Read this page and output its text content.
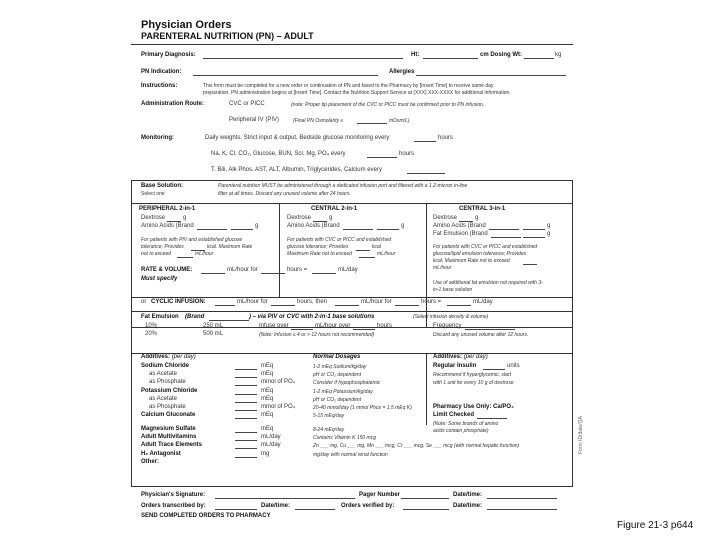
Physician Orders
PARENTERAL NUTRITION (PN) – ADULT
Primary Diagnosis:	Ht:	cm Dosing Wt:	kg
PN Indication:	Allergies
Instructions:	This form must be completed for a new order or continuation of PN and faxed to the Pharmacy by [Insert Time] to receive same day
preparation. PN administration begins at [Insert Time]. Contact the Nutrition Support Service at (XXX) XXX-XXXX for additional information.
Administration Route:	CVC or PICC	(note: Proper tip placement of the CVC or PICC must be confirmed prior to PN infusion.
Peripheral IV (PIV)	(Final PN Osmolarity ≤	mOsm/L)
Monitoring:	Daily weights, Strict input & output, Bedside glucose monitoring every	hours
Na, K, Cl, CO₂, Glucose, BUN, Scr, Mg, PO₄ every	hours
T. Bili, Alk Phos, AST, ALT, Albumin, Triglycerides, Calcium every
Base Solution:
Select one
Parenteral nutrition MUST be administered through a dedicated infusion port and filtered with a 1.2-micron in-line
filter at all times. Discard any unused volume after 24 hours.
PERIPHERAL 2-in-1
Dextrose	g
Amino Acids (Brand	g
For patients with PIV and established glucose
tolerance; Provides	kcal. Maximum Rate
not to exceed	mL/hour
CENTRAL 2-in-1
Dextrose	g
Amino Acids (Brand	g
For patients with CVC or PICC and established
glucose tolerance; Provides	kcal
Maximum Rate not to exceed	mL/hour
CENTRAL 3-in-1
Dextrose	g
Amino Acids (Brand	g
Fat Emulsion (Brand	g
For patients with CVC or PICC and established
glucose/lipid emulsion tolerance; Provides
kcal; Maximum Rate not to exceed
mL/hour
Use of additional fat emulsion not required with 3-
in-1 base solution
RATE & VOLUME:	mL/hour for	hours =	mL/day
Must specify
or CYCLIC INFUSION:	mL/hour for	hours, then	mL/hour for	hours =	mL/day
Fat Emulsion (Brand	) – via PIV or CVC with 2-in-1 base solutions	(Select infusion density & volume)
10%	250 mL
20%	500 mL
Infuse over	mL/hour over	hours
(Note: Infusion ≤ 4 or > 12 hours not recommended)
Frequency
Discard any unused volume after 12 hours.
Additives: (per day)	Normal Dosages	Additives: (per day)
Regular Insulin	units
Recommend if hyperglycemic, start
with 1 unit for every 10 g of dextrose
Pharmacy Use Only: Ca/PO₄
Limit Checked
(Note: Some brands of amino
acids contain phosphate)
Physician's Signature:	Pager Number	Date/time:
Orders transcribed by:	Date/time:	Orders verified by:	Date/time:
SEND COMPLETED ORDERS TO PHARMACY
Form ID/date/QA
Sodium Chloride	mEq	1-2 mEq Sodium/kg/day
as Acetate	mEq	pH or CO₂ dependent
as Phosphate	mmol of PO₄	Consider if hypophosphatemic
Potassium Chloride	mEq	1-2 mEq Potassium/kg/day
as Acetate	mEq	pH or CO₂ dependent
as Phosphate	mmol of PO₄	20-40 mmol/day (1 mmol Phos = 1.5 mEq K)
Calcium Gluconate	mEq	5-15 mEq/day
Magnesium Sulfate	mEq	8-24 mEq/day
Adult Multivitamins	mL/day	Contains Vitamin K 150 mcg
Adult Trace Elements	mL/day	Zn ___ mg, Cu ___ mg, Mn ___ mcg, Cr ___ mcg, Se ___ mcg (with normal hepatic function)
H₂ Antagonist	mg	mg/day with normal renal function
Other:
Figure 21-3 p644
